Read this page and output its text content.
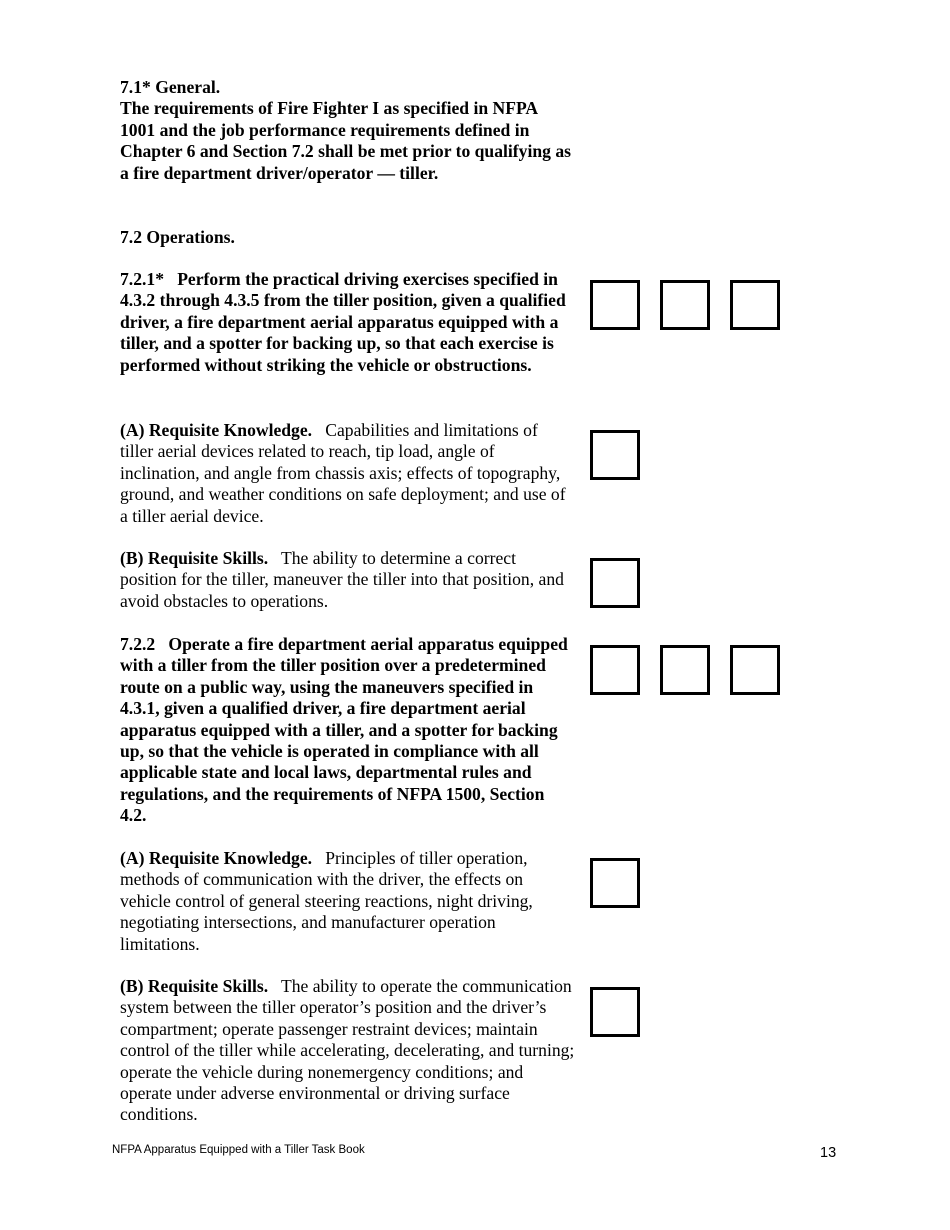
7.1* General.
The requirements of Fire Fighter I as specified in NFPA 1001 and the job performance requirements defined in Chapter 6 and Section 7.2 shall be met prior to qualifying as a fire department driver/operator — tiller.
7.2 Operations.
7.2.1* Perform the practical driving exercises specified in 4.3.2 through 4.3.5 from the tiller position, given a qualified driver, a fire department aerial apparatus equipped with a tiller, and a spotter for backing up, so that each exercise is performed without striking the vehicle or obstructions.
(A) Requisite Knowledge. Capabilities and limitations of tiller aerial devices related to reach, tip load, angle of inclination, and angle from chassis axis; effects of topography, ground, and weather conditions on safe deployment; and use of a tiller aerial device.
(B) Requisite Skills. The ability to determine a correct position for the tiller, maneuver the tiller into that position, and avoid obstacles to operations.
7.2.2 Operate a fire department aerial apparatus equipped with a tiller from the tiller position over a predetermined route on a public way, using the maneuvers specified in 4.3.1, given a qualified driver, a fire department aerial apparatus equipped with a tiller, and a spotter for backing up, so that the vehicle is operated in compliance with all applicable state and local laws, departmental rules and regulations, and the requirements of NFPA 1500, Section 4.2.
(A) Requisite Knowledge. Principles of tiller operation, methods of communication with the driver, the effects on vehicle control of general steering reactions, night driving, negotiating intersections, and manufacturer operation limitations.
(B) Requisite Skills. The ability to operate the communication system between the tiller operator’s position and the driver’s compartment; operate passenger restraint devices; maintain control of the tiller while accelerating, decelerating, and turning; operate the vehicle during nonemergency conditions; and operate under adverse environmental or driving surface conditions.
NFPA Apparatus Equipped with a Tiller Task Book	13
